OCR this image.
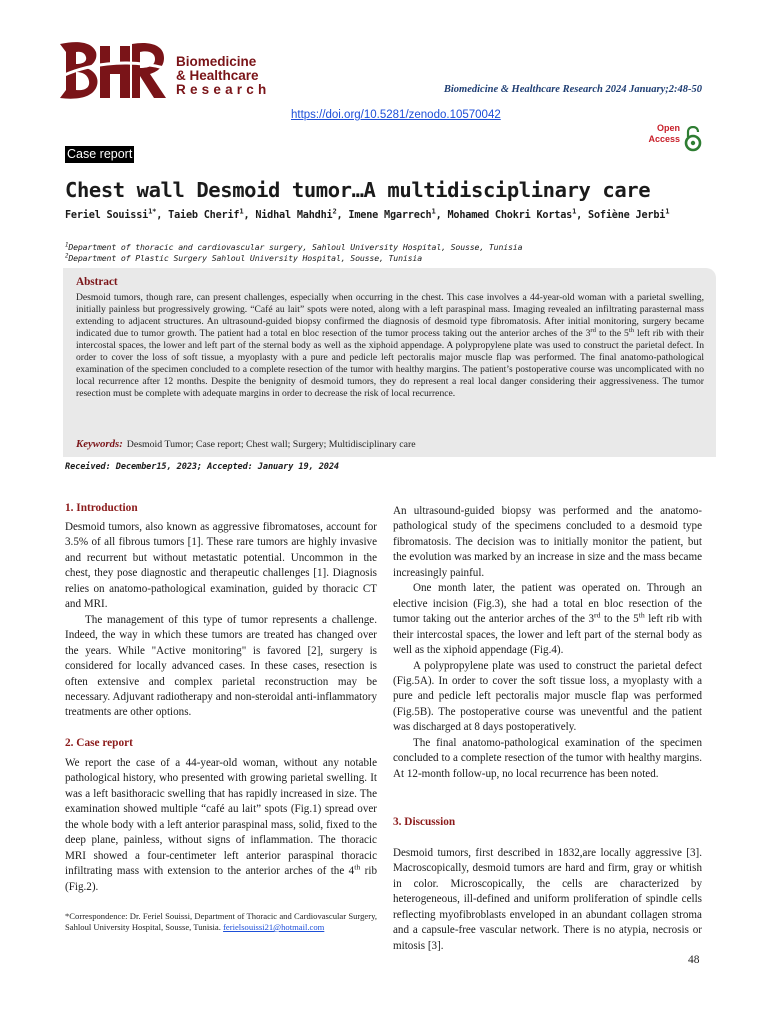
Biomedicine
& Healthcare
Research	Biomedicine & Healthcare Research 2024 January;2:48-50
https://doi.org/10.5281/zenodo.10570042
Open
Access
Case report
Chest wall Desmoid tumor…A multidisciplinary care
Feriel Souissi$^{1*}$, Taieb Cherif$^1$, Nidhal Mahdhi$^2$, Imene Mgarrech$^1$, Mohamed Chokri Kortas$^1$, Sofiène Jerbi$^1$
$^1$Department of thoracic and cardiovascular surgery, Sahloul University Hospital, Sousse, Tunisia
$^2$Department of Plastic Surgery Sahloul University Hospital, Sousse, Tunisia
Abstract
Desmoid tumors, though rare, can present challenges, especially when occurring in the chest. This case involves a 44-year-old woman with a parietal swelling, initially painless but progressively growing. “Café au lait” spots were noted, along with a left paraspinal mass. Imaging revealed an infiltrating parasternal mass extending to adjacent structures. An ultrasound-guided biopsy confirmed the diagnosis of desmoid type fibromatosis. After initial monitoring, surgery became indicated due to tumor growth. The patient had a total en bloc resection of the tumor process taking out the anterior arches of the 3rd to the 5th left rib with their intercostal spaces, the lower and left part of the sternal body as well as the xiphoid appendage. A polypropylene plate was used to construct the parietal defect. In order to cover the loss of soft tissue, a myoplasty with a pure and pedicle left pectoralis major muscle flap was performed. The final anatomo-pathological examination of the specimen concluded to a complete resection of the tumor with healthy margins. The patient’s postoperative course was uncomplicated with no local recurrence after 12 months. Despite the benignity of desmoid tumors, they do represent a real local danger considering their aggressiveness. The tumor resection must be complete with adequate margins in order to decrease the risk of local recurrence.
Keywords: Desmoid Tumor; Case report; Chest wall; Surgery; Multidisciplinary care
Received: December15, 2023; Accepted: January 19, 2024
1. Introduction

Desmoid tumors, also known as aggressive fibromatoses, account for 3.5% of all fibrous tumors [1]. These rare tumors are highly invasive and recurrent but without metastatic potential. Uncommon in the chest, they pose diagnostic and therapeutic challenges [1]. Diagnosis relies on anatomo-pathological examination, guided by thoracic CT and MRI.

The management of this type of tumor represents a challenge. Indeed, the way in which these tumors are treated has changed over the years. While "Active monitoring" is favored [2], surgery is considered for locally advanced cases. In these cases, resection is often extensive and complex parietal reconstruction may be necessary. Adjuvant radiotherapy and non-steroidal anti-inflammatory treatments are other options.

2. Case report

We report the case of a 44-year-old woman, without any notable pathological history, who presented with growing parietal swelling. It was a left basithoracic swelling that has rapidly increased in size. The examination showed multiple “café au lait” spots (Fig.1) spread over the whole body with a left anterior paraspinal mass, solid, fixed to the deep plane, painless, without signs of inflammation. The thoracic MRI showed a four-centimeter left anterior paraspinal thoracic infiltrating mass with extension to the anterior arches of the 4th rib (Fig.2).

*Correspondence: Dr. Feriel Souissi, Department of Thoracic and Cardiovascular Surgery, Sahloul University Hospital, Sousse, Tunisia. ferielsouissi21@hotmail.com

An ultrasound-guided biopsy was performed and the anatomo-pathological study of the specimens concluded to a desmoid type fibromatosis. The decision was to initially monitor the patient, but the evolution was marked by an increase in size and the mass became increasingly painful.

One month later, the patient was operated on. Through an elective incision (Fig.3), she had a total en bloc resection of the tumor taking out the anterior arches of the 3rd to the 5th left rib with their intercostal spaces, the lower and left part of the sternal body as well as the xiphoid appendage (Fig.4).

A polypropylene plate was used to construct the parietal defect (Fig.5A). In order to cover the soft tissue loss, a myoplasty with a pure and pedicle left pectoralis major muscle flap was performed (Fig.5B). The postoperative course was uneventful and the patient was discharged at 8 days postoperatively.

The final anatomo-pathological examination of the specimen concluded to a complete resection of the tumor with healthy margins. At 12-month follow-up, no local recurrence has been noted.

3. Discussion

Desmoid tumors, first described in 1832,are locally aggressive [3]. Macroscopically, desmoid tumors are hard and firm, gray or whitish in color. Microscopically, the cells are characterized by heterogeneous, ill-defined and uniform proliferation of spindle cells reflecting myofibroblasts enveloped in an abundant collagen stroma and a capsule-free vascular network. There is no atypia, necrosis or mitosis [3].

48
